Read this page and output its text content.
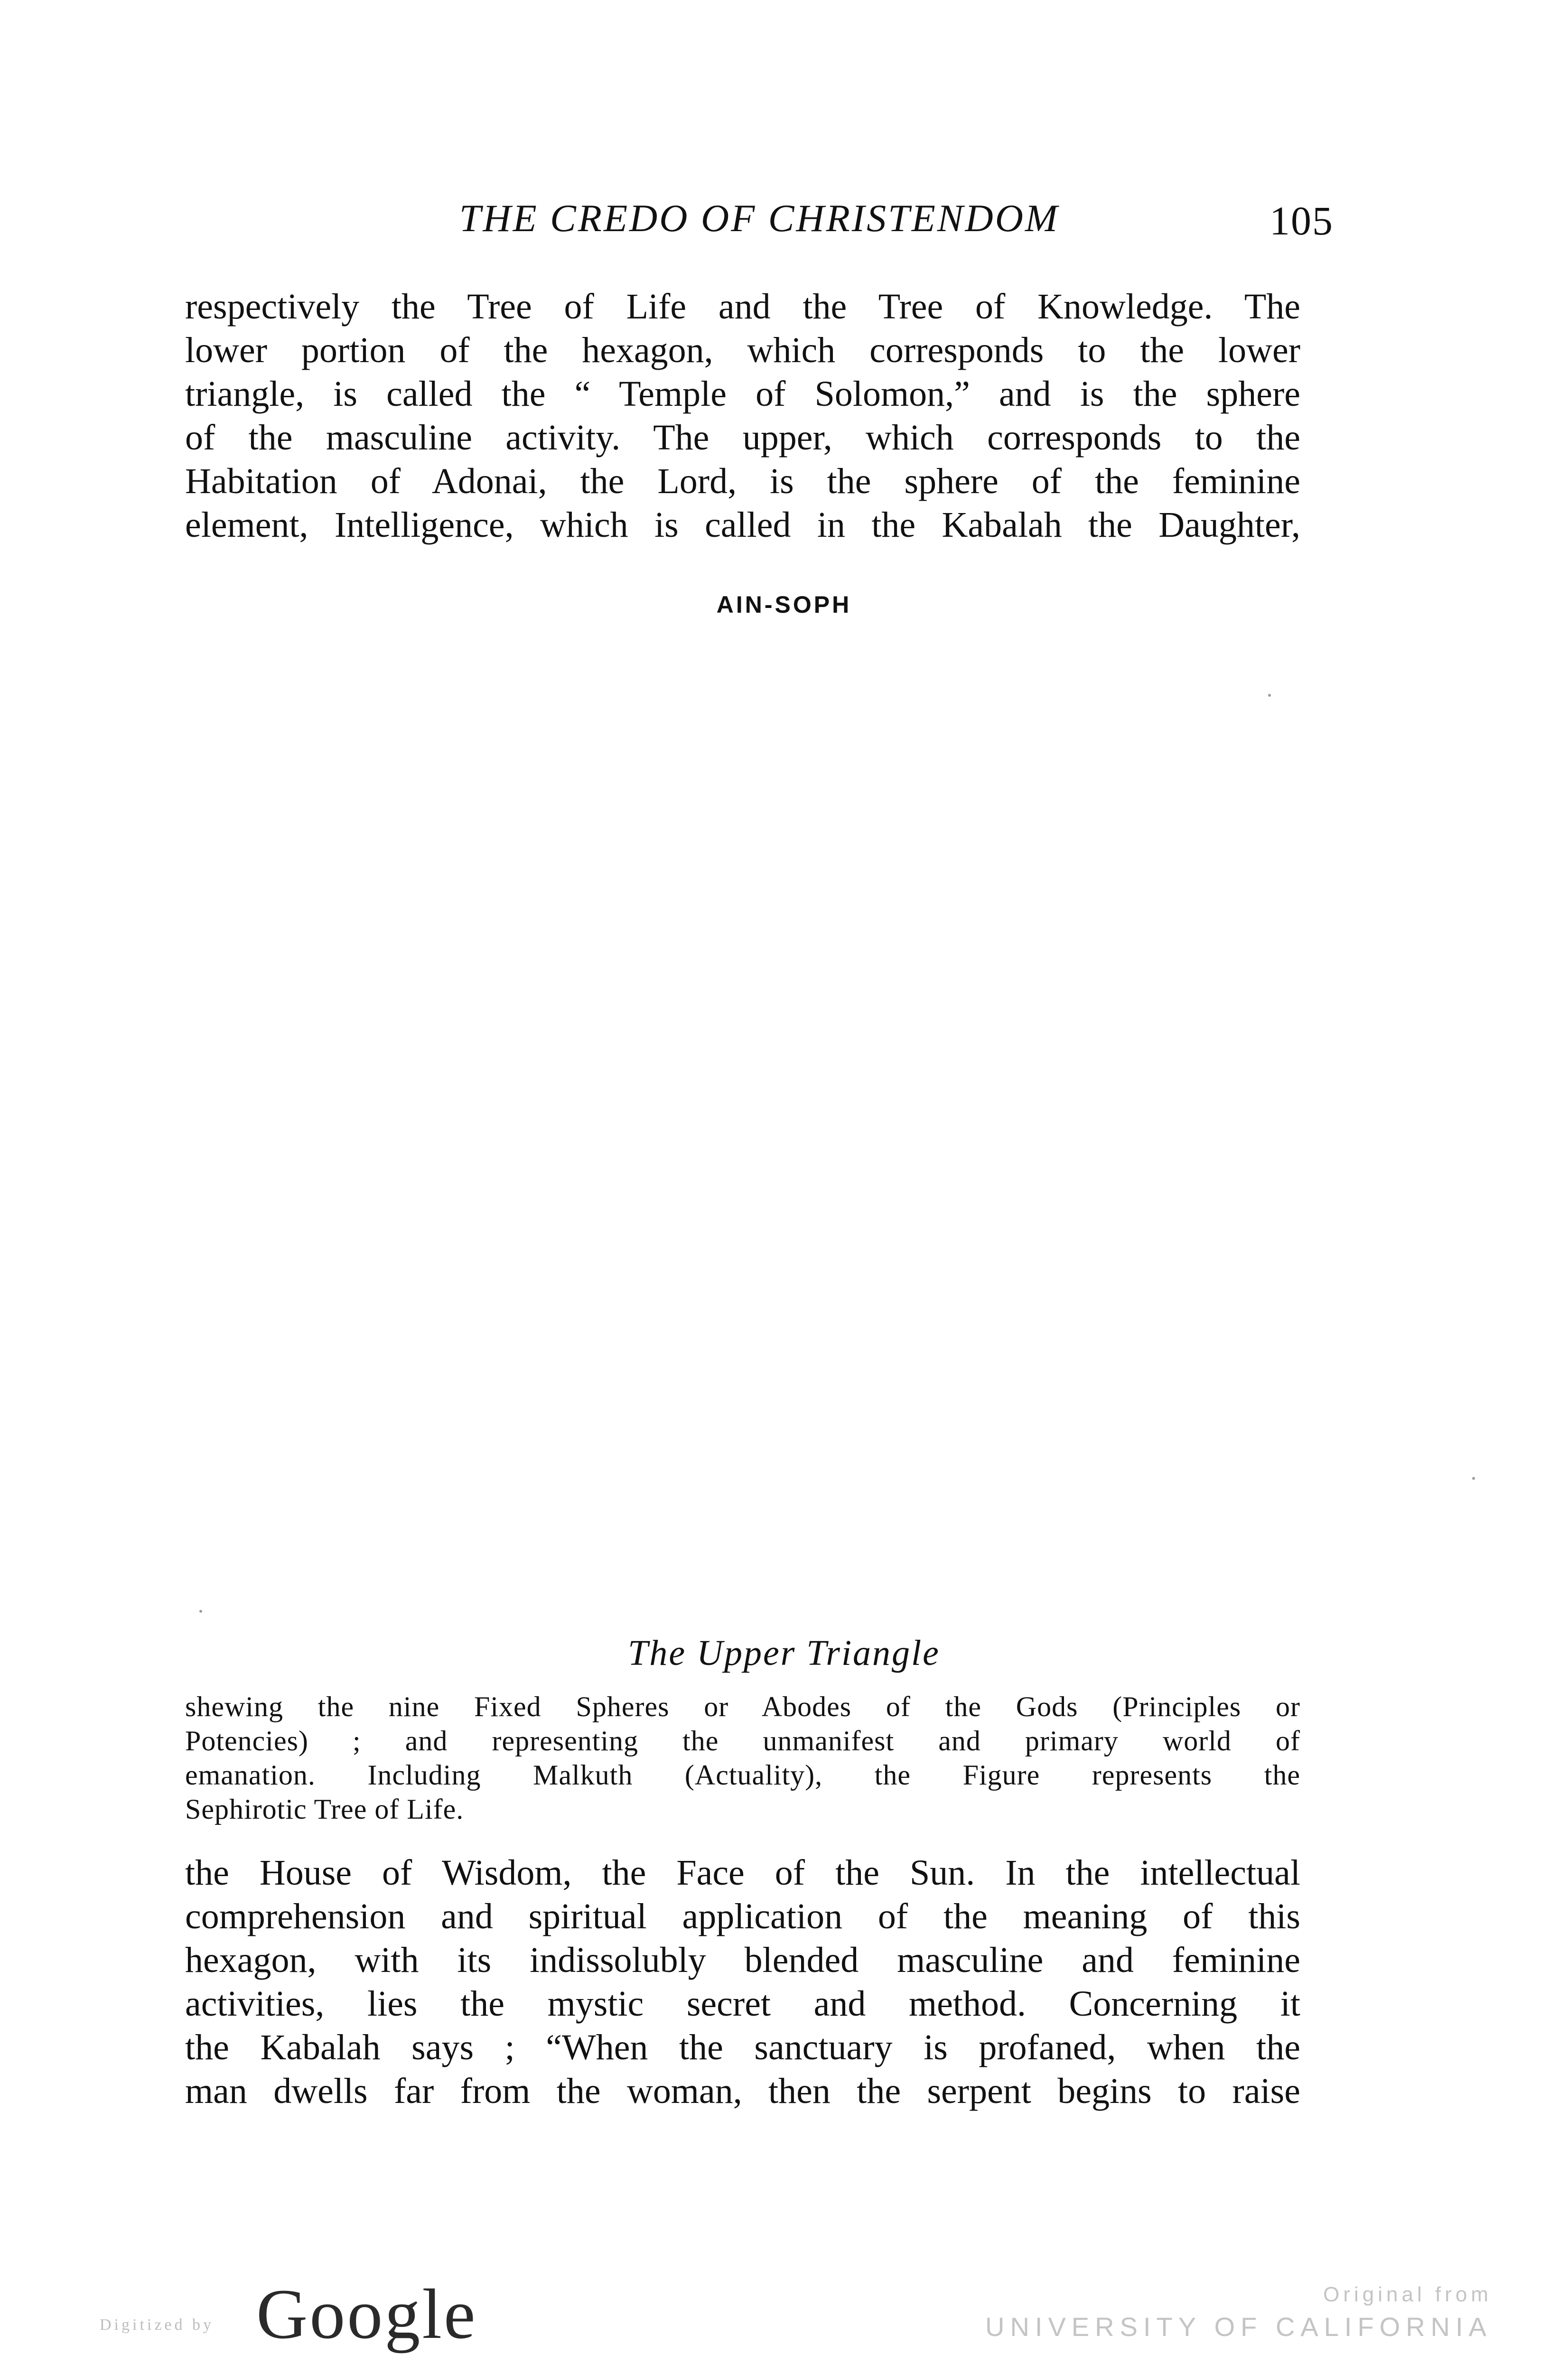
THE CREDO OF CHRISTENDOM	105
respectively the Tree of Life and the Tree of Knowledge. The
lower portion of the hexagon, which corresponds to the lower
triangle, is called the “ Temple of Solomon,” and is the sphere
of the masculine activity. The upper, which corresponds to the
Habitation of Adonai, the Lord, is the sphere of the feminine
element, Intelligence, which is called in the Kabalah the Daughter,
AIN-SOPH
The Upper Triangle
shewing the nine Fixed Spheres or Abodes of the Gods (Principles or
Potencies) ; and representing the unmanifest and primary world of
emanation. Including Malkuth (Actuality), the Figure represents the
Sephirotic Tree of Life.
the House of Wisdom, the Face of the Sun. In the intellectual
comprehension and spiritual application of the meaning of this
hexagon, with its indissolubly blended masculine and feminine
activities, lies the mystic secret and method. Concerning it
the Kabalah says ; “When the sanctuary is profaned, when the
man dwells far from the woman, then the serpent begins to raise
Digitized by Google	Original from
UNIVERSITY OF CALIFORNIA
